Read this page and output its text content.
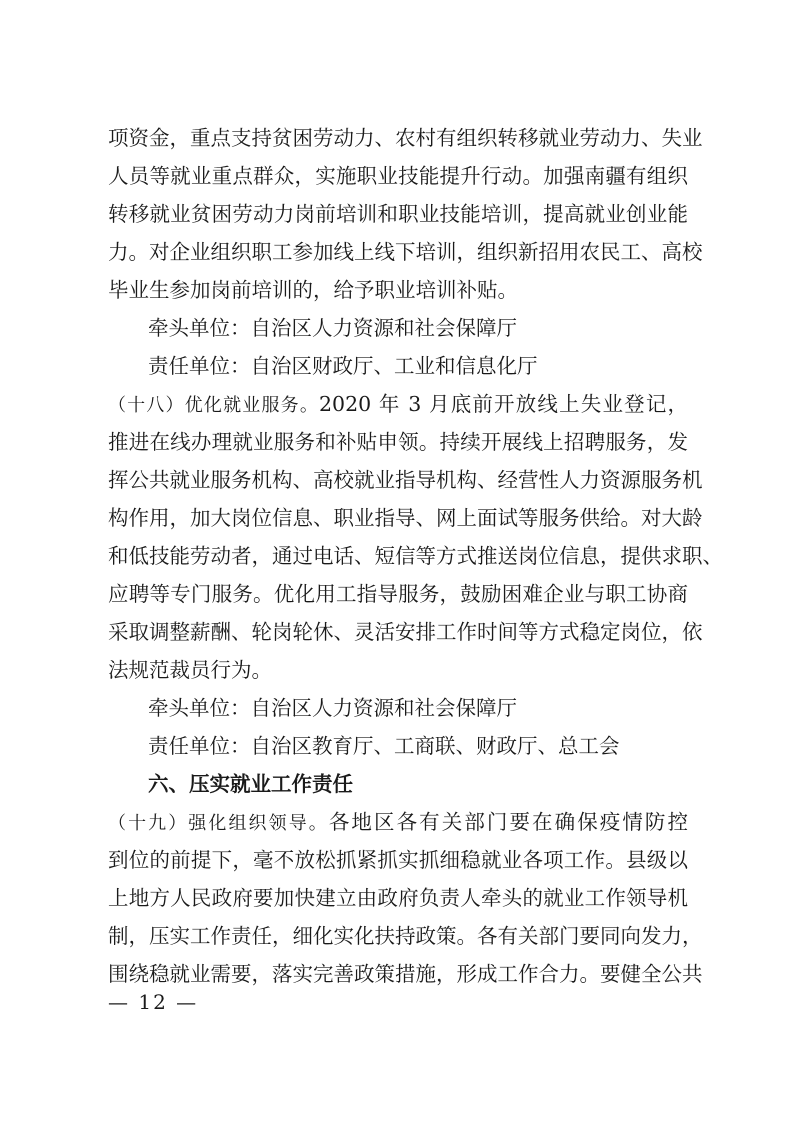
项资金，重点支持贫困劳动力、农村有组织转移就业劳动力、失业
人员等就业重点群众，实施职业技能提升行动。加强南疆有组织
转移就业贫困劳动力岗前培训和职业技能培训，提高就业创业能
力。对企业组织职工参加线上线下培训，组织新招用农民工、高校
毕业生参加岗前培训的，给予职业培训补贴。
牵头单位：自治区人力资源和社会保障厅
责任单位：自治区财政厅、工业和信息化厅
（十八）优化就业服务。2020 年 3 月底前开放线上失业登记，
推进在线办理就业服务和补贴申领。持续开展线上招聘服务，发
挥公共就业服务机构、高校就业指导机构、经营性人力资源服务机
构作用，加大岗位信息、职业指导、网上面试等服务供给。对大龄
和低技能劳动者，通过电话、短信等方式推送岗位信息，提供求职、
应聘等专门服务。优化用工指导服务，鼓励困难企业与职工协商
采取调整薪酬、轮岗轮休、灵活安排工作时间等方式稳定岗位，依
法规范裁员行为。
牵头单位：自治区人力资源和社会保障厅
责任单位：自治区教育厅、工商联、财政厅、总工会
六、压实就业工作责任
（十九）强化组织领导。各地区各有关部门要在确保疫情防控
到位的前提下，毫不放松抓紧抓实抓细稳就业各项工作。县级以
上地方人民政府要加快建立由政府负责人牵头的就业工作领导机
制，压实工作责任，细化实化扶持政策。各有关部门要同向发力，
围绕稳就业需要，落实完善政策措施，形成工作合力。要健全公共
— 12 —
